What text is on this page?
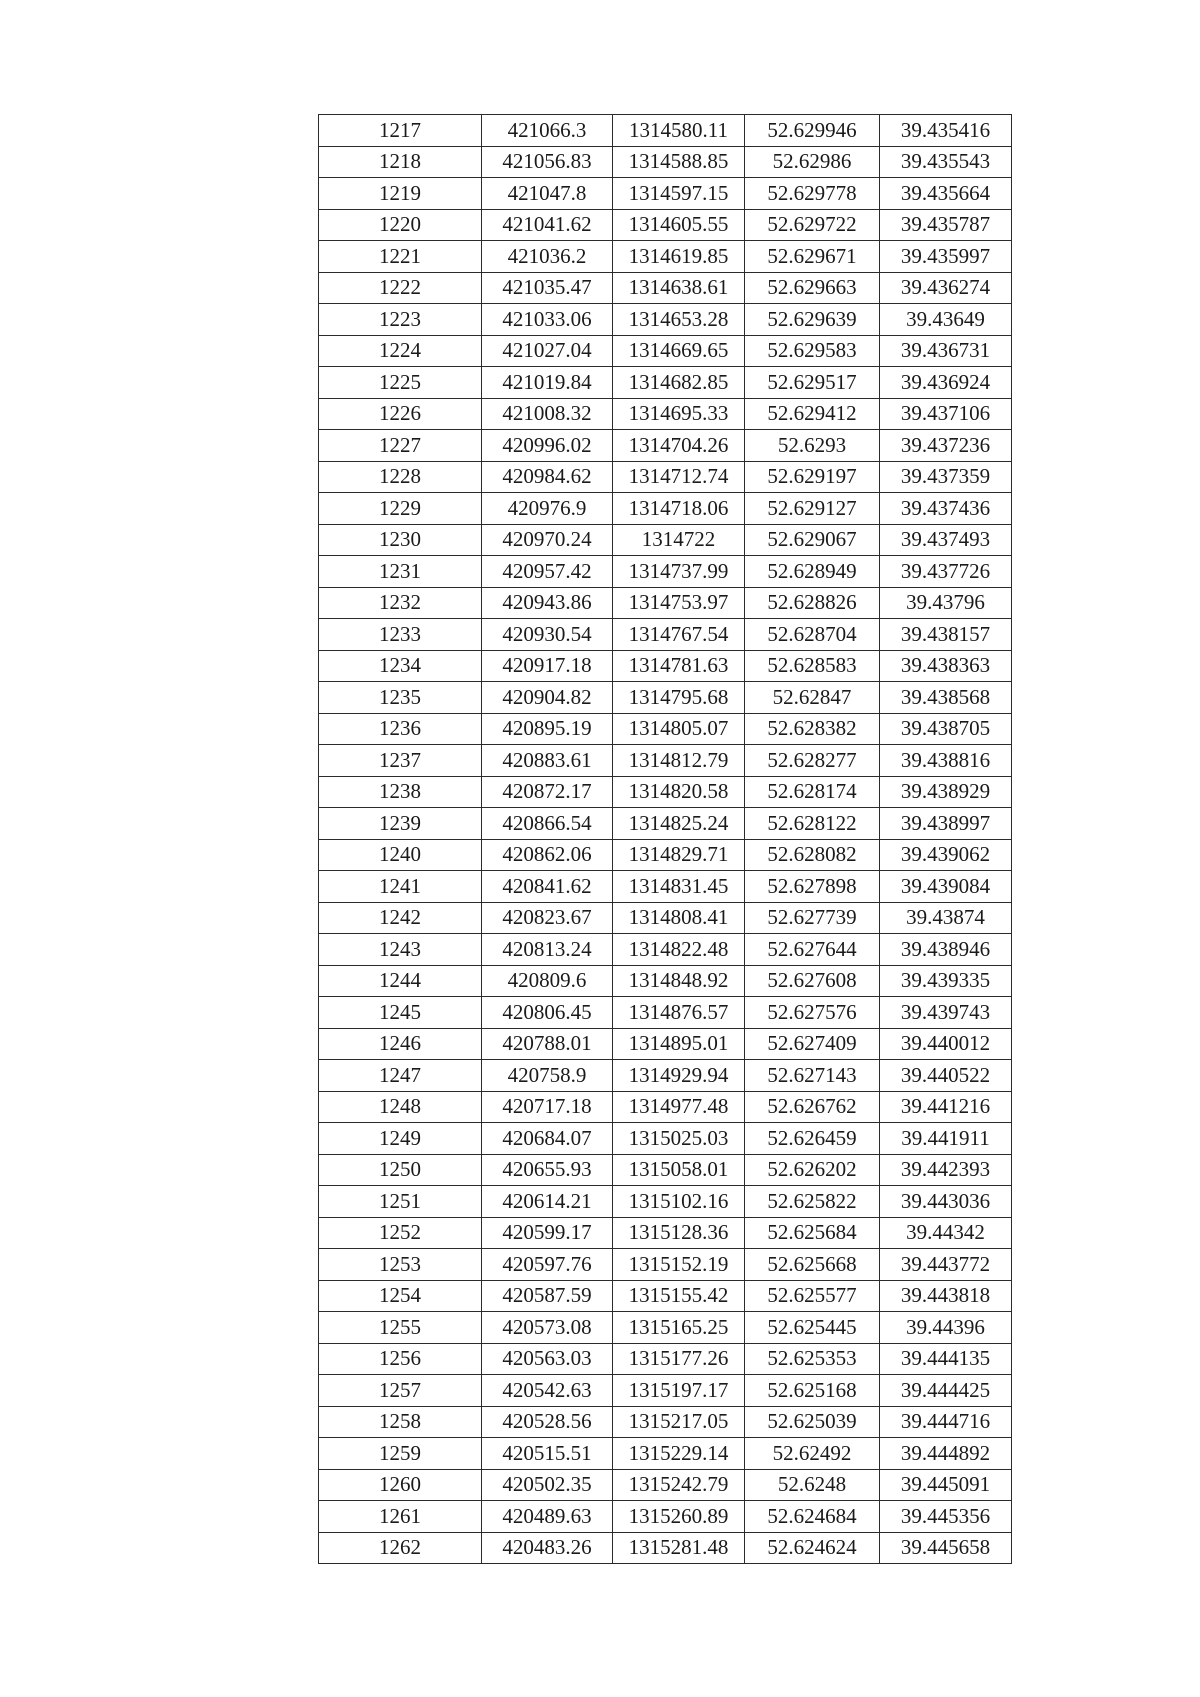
1217	421066.3	1314580.11	52.629946	39.435416
1218	421056.83	1314588.85	52.62986	39.435543
1219	421047.8	1314597.15	52.629778	39.435664
1220	421041.62	1314605.55	52.629722	39.435787
1221	421036.2	1314619.85	52.629671	39.435997
1222	421035.47	1314638.61	52.629663	39.436274
1223	421033.06	1314653.28	52.629639	39.43649
1224	421027.04	1314669.65	52.629583	39.436731
1225	421019.84	1314682.85	52.629517	39.436924
1226	421008.32	1314695.33	52.629412	39.437106
1227	420996.02	1314704.26	52.6293	39.437236
1228	420984.62	1314712.74	52.629197	39.437359
1229	420976.9	1314718.06	52.629127	39.437436
1230	420970.24	1314722	52.629067	39.437493
1231	420957.42	1314737.99	52.628949	39.437726
1232	420943.86	1314753.97	52.628826	39.43796
1233	420930.54	1314767.54	52.628704	39.438157
1234	420917.18	1314781.63	52.628583	39.438363
1235	420904.82	1314795.68	52.62847	39.438568
1236	420895.19	1314805.07	52.628382	39.438705
1237	420883.61	1314812.79	52.628277	39.438816
1238	420872.17	1314820.58	52.628174	39.438929
1239	420866.54	1314825.24	52.628122	39.438997
1240	420862.06	1314829.71	52.628082	39.439062
1241	420841.62	1314831.45	52.627898	39.439084
1242	420823.67	1314808.41	52.627739	39.43874
1243	420813.24	1314822.48	52.627644	39.438946
1244	420809.6	1314848.92	52.627608	39.439335
1245	420806.45	1314876.57	52.627576	39.439743
1246	420788.01	1314895.01	52.627409	39.440012
1247	420758.9	1314929.94	52.627143	39.440522
1248	420717.18	1314977.48	52.626762	39.441216
1249	420684.07	1315025.03	52.626459	39.441911
1250	420655.93	1315058.01	52.626202	39.442393
1251	420614.21	1315102.16	52.625822	39.443036
1252	420599.17	1315128.36	52.625684	39.44342
1253	420597.76	1315152.19	52.625668	39.443772
1254	420587.59	1315155.42	52.625577	39.443818
1255	420573.08	1315165.25	52.625445	39.44396
1256	420563.03	1315177.26	52.625353	39.444135
1257	420542.63	1315197.17	52.625168	39.444425
1258	420528.56	1315217.05	52.625039	39.444716
1259	420515.51	1315229.14	52.62492	39.444892
1260	420502.35	1315242.79	52.6248	39.445091
1261	420489.63	1315260.89	52.624684	39.445356
1262	420483.26	1315281.48	52.624624	39.445658
